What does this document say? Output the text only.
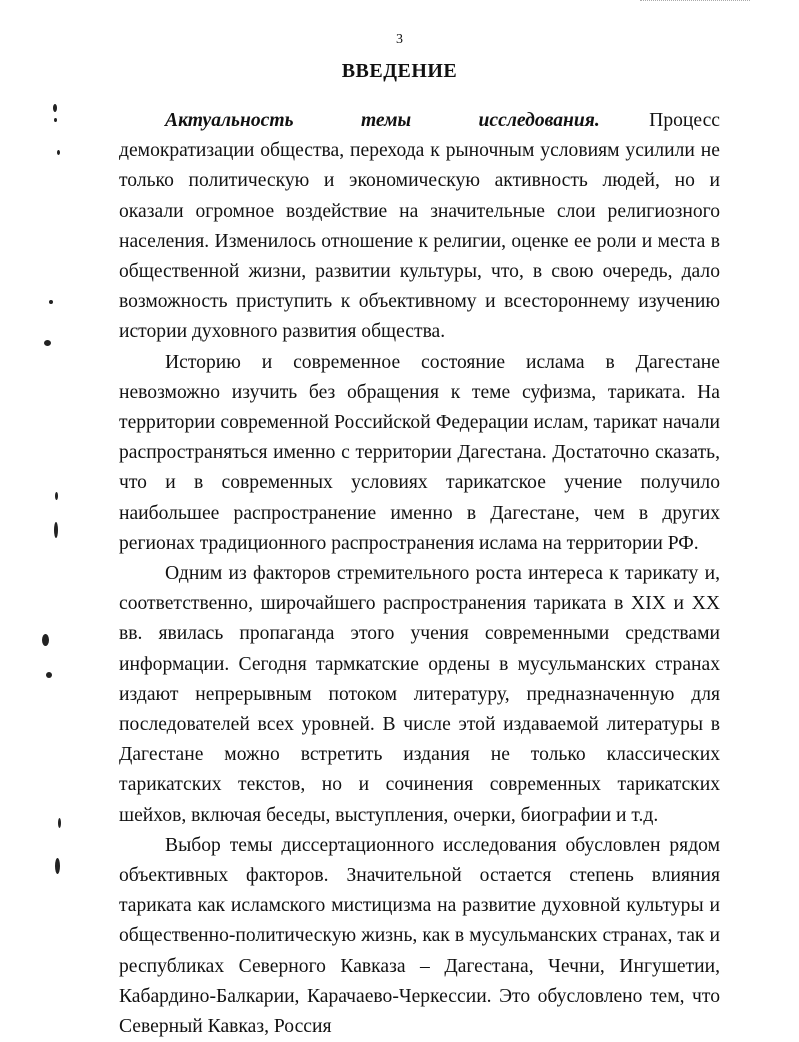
3
ВВЕДЕНИЕ

Актуальность темы исследования. Процесс демократизации общества, перехода к рыночным условиям усилили не только политическую и экономическую активность людей, но и оказали огромное воздействие на значительные слои религиозного населения. Изменилось отношение к религии, оценке ее роли и места в общественной жизни, развитии культуры, что, в свою очередь, дало возможность приступить к объективному и всестороннему изучению истории духовного развития общества.

Историю и современное состояние ислама в Дагестане невозможно изучить без обращения к теме суфизма, тариката. На территории современной Российской Федерации ислам, тарикат начали распространяться именно с территории Дагестана. Достаточно сказать, что и в современных условиях тарикатское учение получило наибольшее распространение именно в Дагестане, чем в других регионах традиционного распространения ислама на территории РФ.

Одним из факторов стремительного роста интереса к тарикату и, соответственно, широчайшего распространения тариката в XIX и XX вв. явилась пропаганда этого учения современными средствами информации. Сегодня тармкатские ордены в мусульманских странах издают непрерывным потоком литературу, предназначенную для последователей всех уровней. В числе этой издаваемой литературы в Дагестане можно встретить издания не только классических тарикатских текстов, но и сочинения современных тарикатских шейхов, включая беседы, выступления, очерки, биографии и т.д.

Выбор темы диссертационного исследования обусловлен рядом объективных факторов. Значительной остается степень влияния тариката как исламского мистицизма на развитие духовной культуры и общественно-политическую жизнь, как в мусульманских странах, так и республиках Северного Кавказа – Дагестана, Чечни, Ингушетии, Кабардино-Балкарии, Карачаево-Черкессии. Это обусловлено тем, что Северный Кавказ, Россия
